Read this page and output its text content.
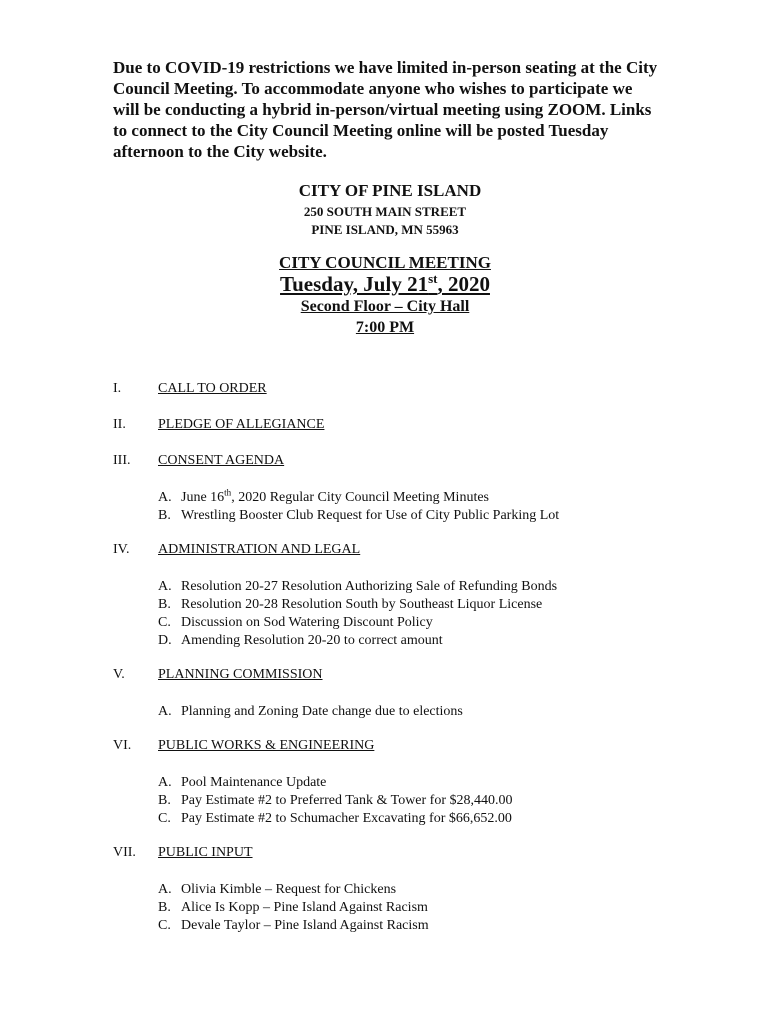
Due to COVID-19 restrictions we have limited in-person seating at the City Council Meeting. To accommodate anyone who wishes to participate we will be conducting a hybrid in-person/virtual meeting using ZOOM. Links to connect to the City Council Meeting online will be posted Tuesday afternoon to the City website.
CITY OF PINE ISLAND
250 SOUTH MAIN STREET
PINE ISLAND, MN 55963
CITY COUNCIL MEETING
Tuesday, July 21st, 2020
Second Floor – City Hall
7:00 PM
I.	CALL TO ORDER
II. PLEDGE OF ALLEGIANCE
III. CONSENT AGENDA
A. June 16th, 2020 Regular City Council Meeting Minutes
B. Wrestling Booster Club Request for Use of City Public Parking Lot
IV. ADMINISTRATION AND LEGAL
A. Resolution 20-27 Resolution Authorizing Sale of Refunding Bonds
B. Resolution 20-28 Resolution South by Southeast Liquor License
C. Discussion on Sod Watering Discount Policy
D. Amending Resolution 20-20 to correct amount
V. PLANNING COMMISSION
A. Planning and Zoning Date change due to elections
VI. PUBLIC WORKS & ENGINEERING
A. Pool Maintenance Update
B. Pay Estimate #2 to Preferred Tank & Tower for $28,440.00
C. Pay Estimate #2 to Schumacher Excavating for $66,652.00
VII. PUBLIC INPUT
A. Olivia Kimble – Request for Chickens
B. Alice Is Kopp – Pine Island Against Racism
C. Devale Taylor – Pine Island Against Racism
